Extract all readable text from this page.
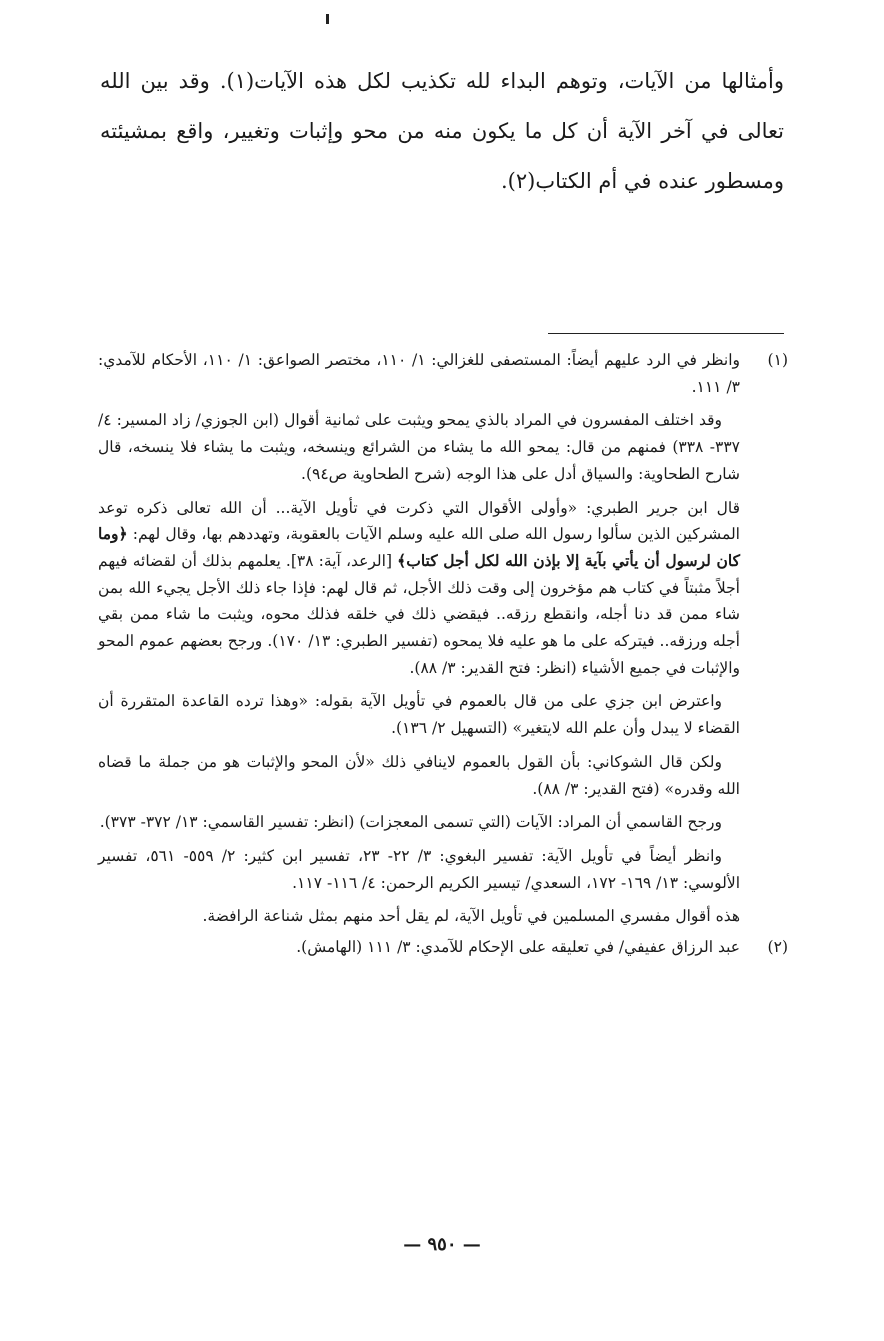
وأمثالها من الآيات، وتوهم البداء لله تكذيب لكل هذه الآيات(١). وقد بين الله تعالى في آخر الآية أن كل ما يكون منه من محو وإثبات وتغيير، واقع بمشيئته ومسطور عنده في أم الكتاب(٢).

(١)

وانظر في الرد عليهم أيضاً: المستصفى للغزالي: ١/ ١١٠، مختصر الصواعق: ١/ ١١٠، الأحكام للآمدي: ٣/ ١١١.

وقد اختلف المفسرون في المراد بالذي يمحو ويثبت على ثمانية أقوال (ابن الجوزي/ زاد المسير: ٤/ ٣٣٧- ٣٣٨) فمنهم من قال: يمحو الله ما يشاء من الشرائع وينسخه، ويثبت ما يشاء فلا ينسخه، قال شارح الطحاوية: والسياق أدل على هذا الوجه (شرح الطحاوية ص٩٤).

قال ابن جرير الطبري: «وأولى الأقوال التي ذكرت في تأويل الآية... أن الله تعالى ذكره توعد المشركين الذين سألوا رسول الله صلى الله عليه وسلم الآيات بالعقوبة، وتهددهم بها، وقال لهم: ﴿وما كان لرسول أن يأتي بآية إلا بإذن الله لكل أجل كتاب﴾ [الرعد، آية: ٣٨]. يعلمهم بذلك أن لقضائه فيهم أجلاً مثبتاً في كتاب هم مؤخرون إلى وقت ذلك الأجل، ثم قال لهم: فإذا جاء ذلك الأجل يجيء الله بمن شاء ممن قد دنا أجله، وانقطع رزقه.. فيقضي ذلك في خلقه فذلك محوه، ويثبت ما شاء ممن بقي أجله ورزقه.. فيتركه على ما هو عليه فلا يمحوه (تفسير الطبري: ١٣/ ١٧٠). ورجح بعضهم عموم المحو والإثبات في جميع الأشياء (انظر: فتح القدير: ٣/ ٨٨).

واعترض ابن جزي على من قال بالعموم في تأويل الآية بقوله: «وهذا ترده القاعدة المتقررة أن القضاء لا يبدل وأن علم الله لايتغير» (التسهيل ٢/ ١٣٦).

ولكن قال الشوكاني: بأن القول بالعموم لاينافي ذلك «لأن المحو والإثبات هو من جملة ما قضاه الله وقدره» (فتح القدير: ٣/ ٨٨).

ورجح القاسمي أن المراد: الآيات (التي تسمى المعجزات) (انظر: تفسير القاسمي: ١٣/ ٣٧٢- ٣٧٣).

وانظر أيضاً في تأويل الآية: تفسير البغوي: ٣/ ٢٢- ٢٣، تفسير ابن كثير: ٢/ ٥٥٩- ٥٦١، تفسير الألوسي: ١٣/ ١٦٩- ١٧٢، السعدي/ تيسير الكريم الرحمن: ٤/ ١١٦- ١١٧.

هذه أقوال مفسري المسلمين في تأويل الآية، لم يقل أحد منهم بمثل شناعة الرافضة.

(٢)

عبد الرزاق عفيفي/ في تعليقه على الإحكام للآمدي: ٣/ ١١١ (الهامش).

— ٩٥٠ —
